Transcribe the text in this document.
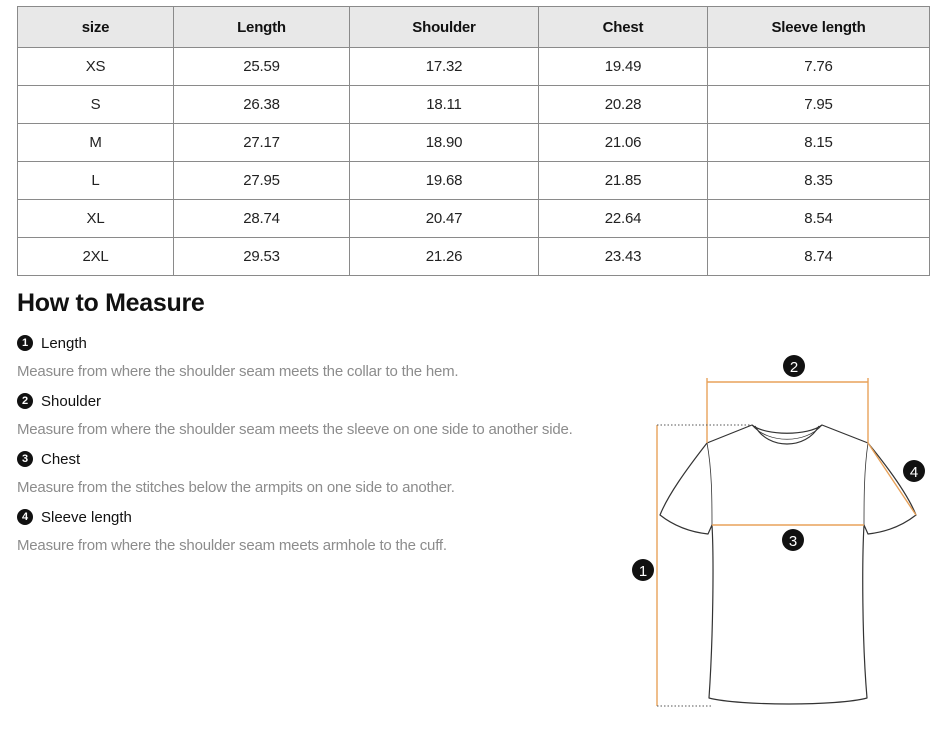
size	Length	Shoulder	Chest	Sleeve length
XS	25.59	17.32	19.49	7.76
S	26.38	18.11	20.28	7.95
M	27.17	18.90	21.06	8.15
L	27.95	19.68	21.85	8.35
XL	28.74	20.47	22.64	8.54
2XL	29.53	21.26	23.43	8.74
How to Measure
1 Length
Measure from where the shoulder seam meets the collar to the hem.
2 Shoulder
Measure from where the shoulder seam meets the sleeve on one side to another side.
3 Chest
Measure from the stitches below the armpits on one side to another.
4 Sleeve length
Measure from where the shoulder seam meets armhole to the cuff.
1
2
3
4
